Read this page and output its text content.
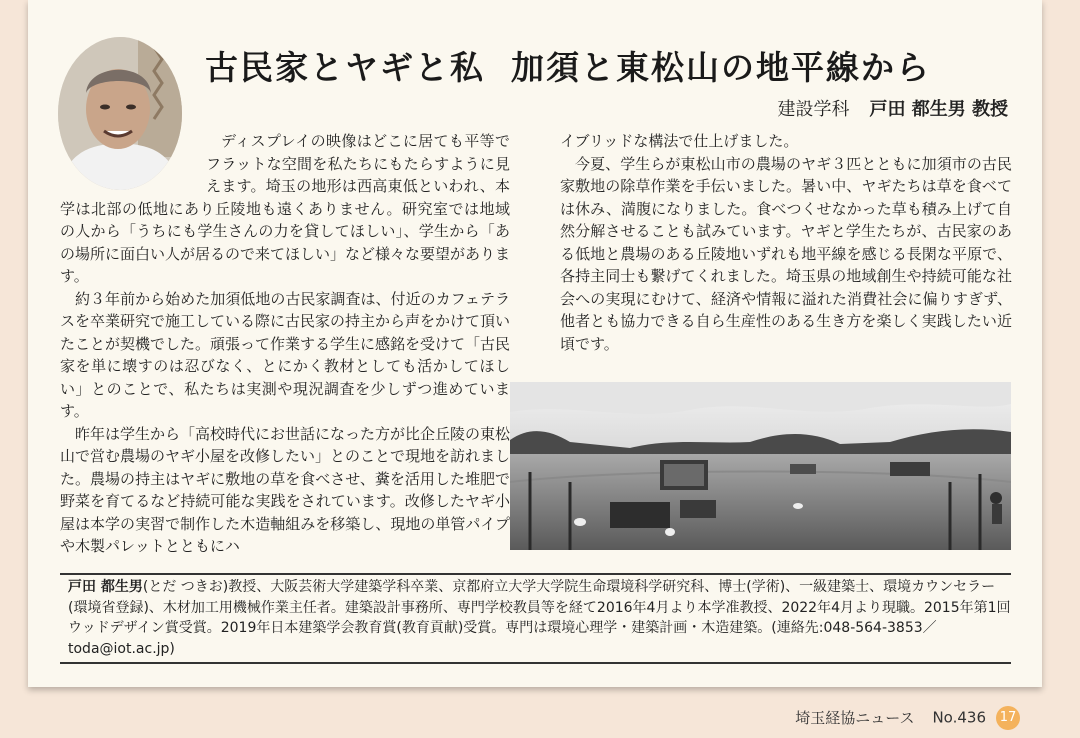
古民家とヤギと私 加須と東松山の地平線から
建設学科 戸田 都生男 教授

ディスプレイの映像はどこに居ても平等でフラットな空間を私たちにもたらすように見えます。埼玉の地形は西高東低といわれ、本学は北部の低地にあり丘陵地も遠くありません。研究室では地域の人から「うちにも学生さんの力を貸してほしい」、学生から「あの場所に面白い人が居るので来てほしい」など様々な要望があります。

約３年前から始めた加須低地の古民家調査は、付近のカフェテラスを卒業研究で施工している際に古民家の持主から声をかけて頂いたことが契機でした。頑張って作業する学生に感銘を受けて「古民家を単に壊すのは忍びなく、とにかく教材としても活かしてほしい」とのことで、私たちは実測や現況調査を少しずつ進めています。

昨年は学生から「高校時代にお世話になった方が比企丘陵の東松山で営む農場のヤギ小屋を改修したい」とのことで現地を訪れました。農場の持主はヤギに敷地の草を食べさせ、糞を活用した堆肥で野菜を育てるなど持続可能な実践をされています。改修したヤギ小屋は本学の実習で制作した木造軸組みを移築し、現地の単管パイプや木製パレットとともにハ

イブリッドな構法で仕上げました。

今夏、学生らが東松山市の農場のヤギ３匹とともに加須市の古民家敷地の除草作業を手伝いました。暑い中、ヤギたちは草を食べては休み、満腹になりました。食べつくせなかった草も積み上げて自然分解させることも試みています。ヤギと学生たちが、古民家のある低地と農場のある丘陵地いずれも地平線を感じる長閑な平原で、各持主同士も繋げてくれました。埼玉県の地域創生や持続可能な社会への実現にむけて、経済や情報に溢れた消費社会に偏りすぎず、他者とも協力できる自ら生産性のある生き方を楽しく実践したい近頃です。

戸田 都生男(とだ つきお)教授、大阪芸術大学建築学科卒業、京都府立大学大学院生命環境科学研究科、博士(学術)、一級建築士、環境カウンセラー(環境省登録)、木材加工用機械作業主任者。建築設計事務所、専門学校教員等を経て2016年4月より本学准教授、2022年4月より現職。2015年第1回ウッドデザイン賞受賞。2019年日本建築学会教育賞(教育貢献)受賞。専門は環境心理学・建築計画・木造建築。(連絡先:048-564-3853／toda@iot.ac.jp)
埼玉経協ニュース No.436 17
